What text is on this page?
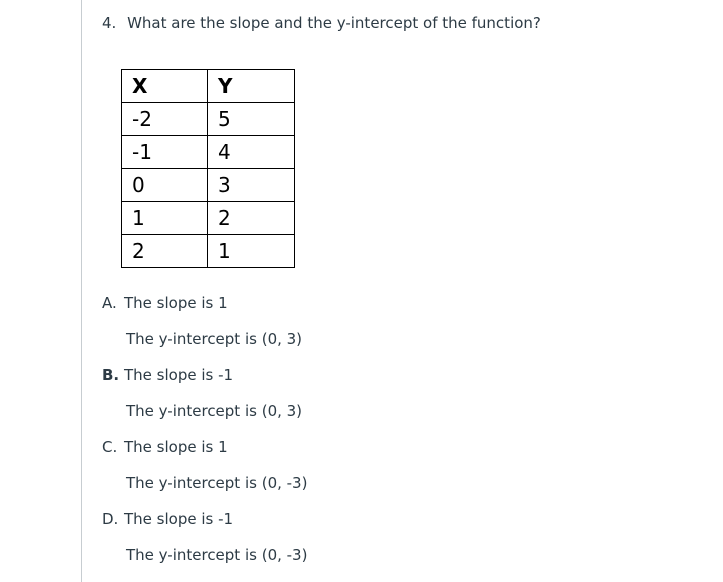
4. What are the slope and the y-intercept of the function?
X	Y
-2	5
-1	4
0	3
1	2
2	1
A. The slope is 1
The y-intercept is (0, 3)
B. The slope is -1
The y-intercept is (0, 3)
C. The slope is 1
The y-intercept is (0, -3)
D. The slope is -1
The y-intercept is (0, -3)
